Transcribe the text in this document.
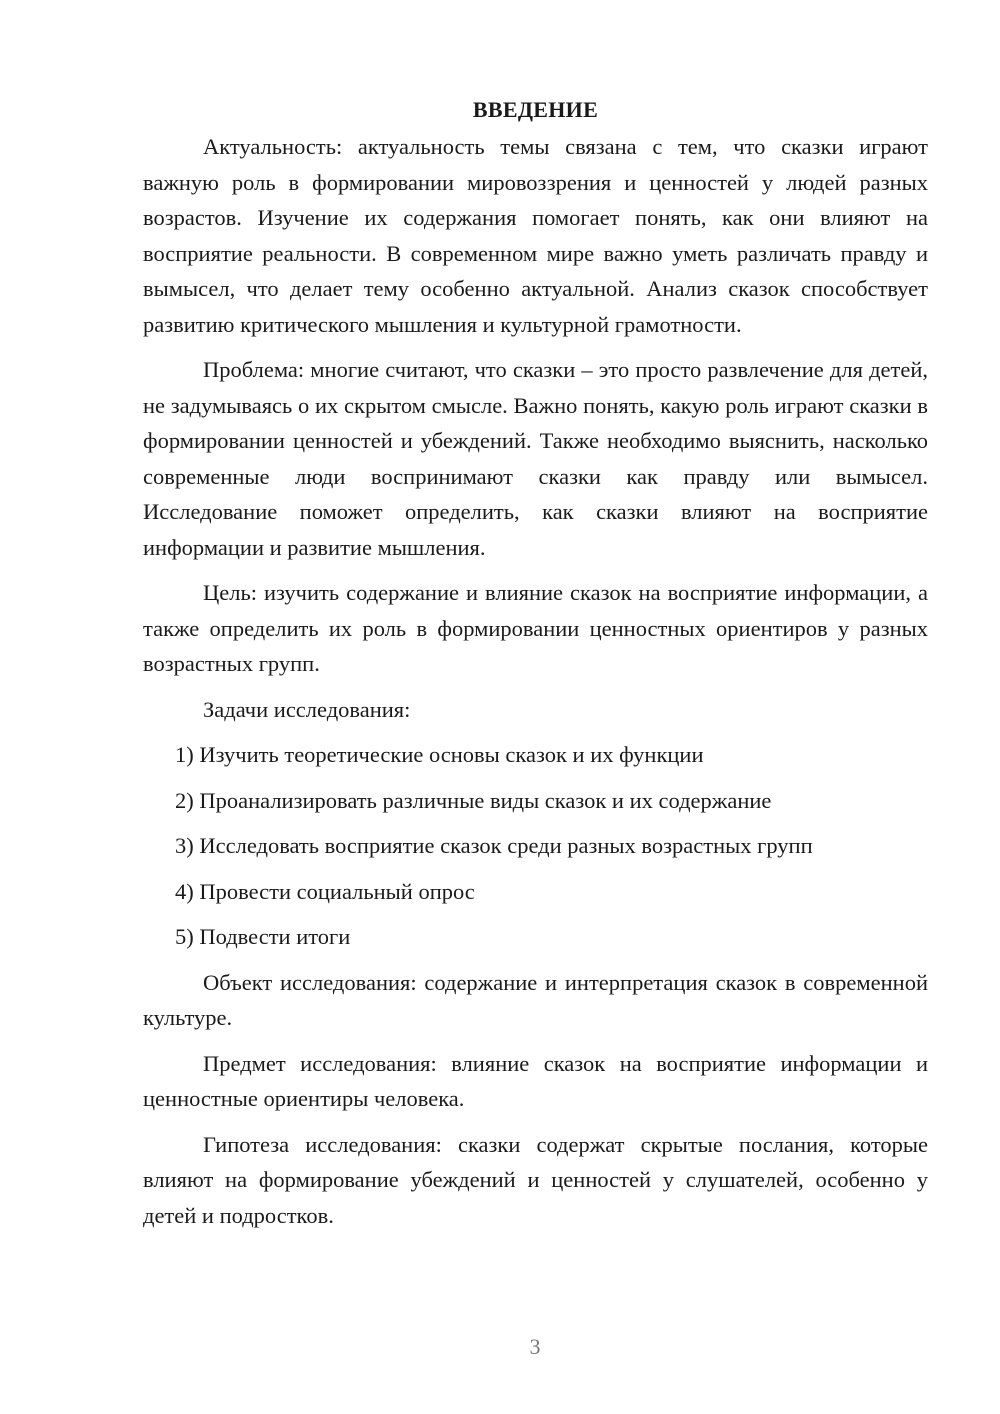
ВВЕДЕНИЕ

Актуальность: актуальность темы связана с тем, что сказки играют важную роль в формировании мировоззрения и ценностей у людей разных возрастов. Изучение их содержания помогает понять, как они влияют на восприятие реальности. В современном мире важно уметь различать правду и вымысел, что делает тему особенно актуальной. Анализ сказок способствует развитию критического мышления и культурной грамотности.

Проблема: многие считают, что сказки – это просто развлечение для детей, не задумываясь о их скрытом смысле. Важно понять, какую роль играют сказки в формировании ценностей и убеждений. Также необходимо выяснить, насколько современные люди воспринимают сказки как правду или вымысел. Исследование поможет определить, как сказки влияют на восприятие информации и развитие мышления.

Цель: изучить содержание и влияние сказок на восприятие информации, а также определить их роль в формировании ценностных ориентиров у разных возрастных групп.

Задачи исследования:

1) Изучить теоретические основы сказок и их функции
2) Проанализировать различные виды сказок и их содержание
3) Исследовать восприятие сказок среди разных возрастных групп
4) Провести социальный опрос
5) Подвести итоги

Объект исследования: содержание и интерпретация сказок в современной культуре.

Предмет исследования: влияние сказок на восприятие информации и ценностные ориентиры человека.

Гипотеза исследования: сказки содержат скрытые послания, которые влияют на формирование убеждений и ценностей у слушателей, особенно у детей и подростков.

3
